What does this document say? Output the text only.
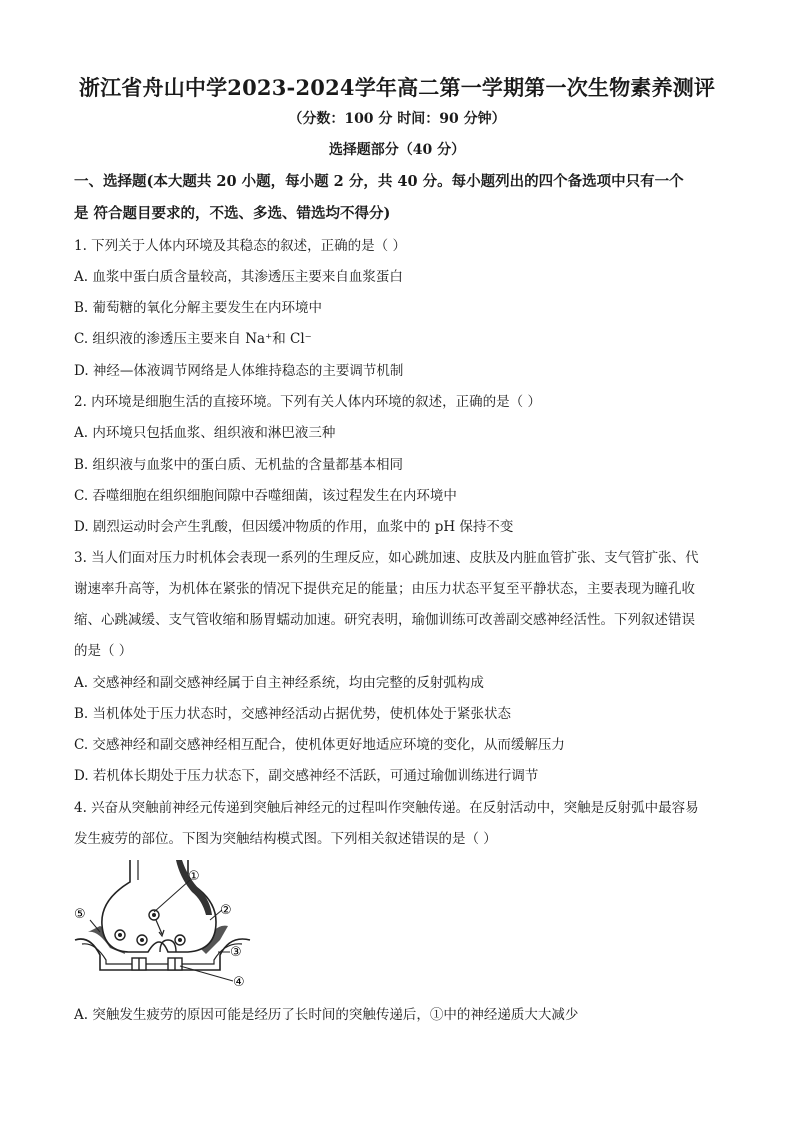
浙江省舟山中学2023-2024学年高二第一学期第一次生物素养测评
（分数：100 分 时间：90 分钟）
选择题部分（40 分）
一、选择题(本大题共 20 小题，每小题 2 分，共 40 分。每小题列出的四个备选项中只有一个
是 符合题目要求的，不选、多选、错选均不得分)
1. 下列关于人体内环境及其稳态的叙述，正确的是（ ）
A. 血浆中蛋白质含量较高，其渗透压主要来自血浆蛋白
B. 葡萄糖的氧化分解主要发生在内环境中
C. 组织液的渗透压主要来自 Na⁺和 Cl⁻
D. 神经—体液调节网络是人体维持稳态的主要调节机制
2. 内环境是细胞生活的直接环境。下列有关人体内环境的叙述，正确的是（ ）
A. 内环境只包括血浆、组织液和淋巴液三种
B. 组织液与血浆中的蛋白质、无机盐的含量都基本相同
C. 吞噬细胞在组织细胞间隙中吞噬细菌，该过程发生在内环境中
D. 剧烈运动时会产生乳酸，但因缓冲物质的作用，血浆中的 pH 保持不变
3. 当人们面对压力时机体会表现一系列的生理反应，如心跳加速、皮肤及内脏血管扩张、支气管扩张、代
谢速率升高等，为机体在紧张的情况下提供充足的能量；由压力状态平复至平静状态，主要表现为瞳孔收
缩、心跳减缓、支气管收缩和肠胃蠕动加速。研究表明，瑜伽训练可改善副交感神经活性。下列叙述错误
的是（ ）
A. 交感神经和副交感神经属于自主神经系统，均由完整的反射弧构成
B. 当机体处于压力状态时，交感神经活动占据优势，使机体处于紧张状态
C. 交感神经和副交感神经相互配合，使机体更好地适应环境的变化，从而缓解压力
D. 若机体长期处于压力状态下，副交感神经不活跃，可通过瑜伽训练进行调节
4. 兴奋从突触前神经元传递到突触后神经元的过程叫作突触传递。在反射活动中，突触是反射弧中最容易
发生疲劳的部位。下图为突触结构模式图。下列相关叙述错误的是（ ）
①
②
③
④
⑤
A. 突触发生疲劳的原因可能是经历了长时间的突触传递后，①中的神经递质大大减少
